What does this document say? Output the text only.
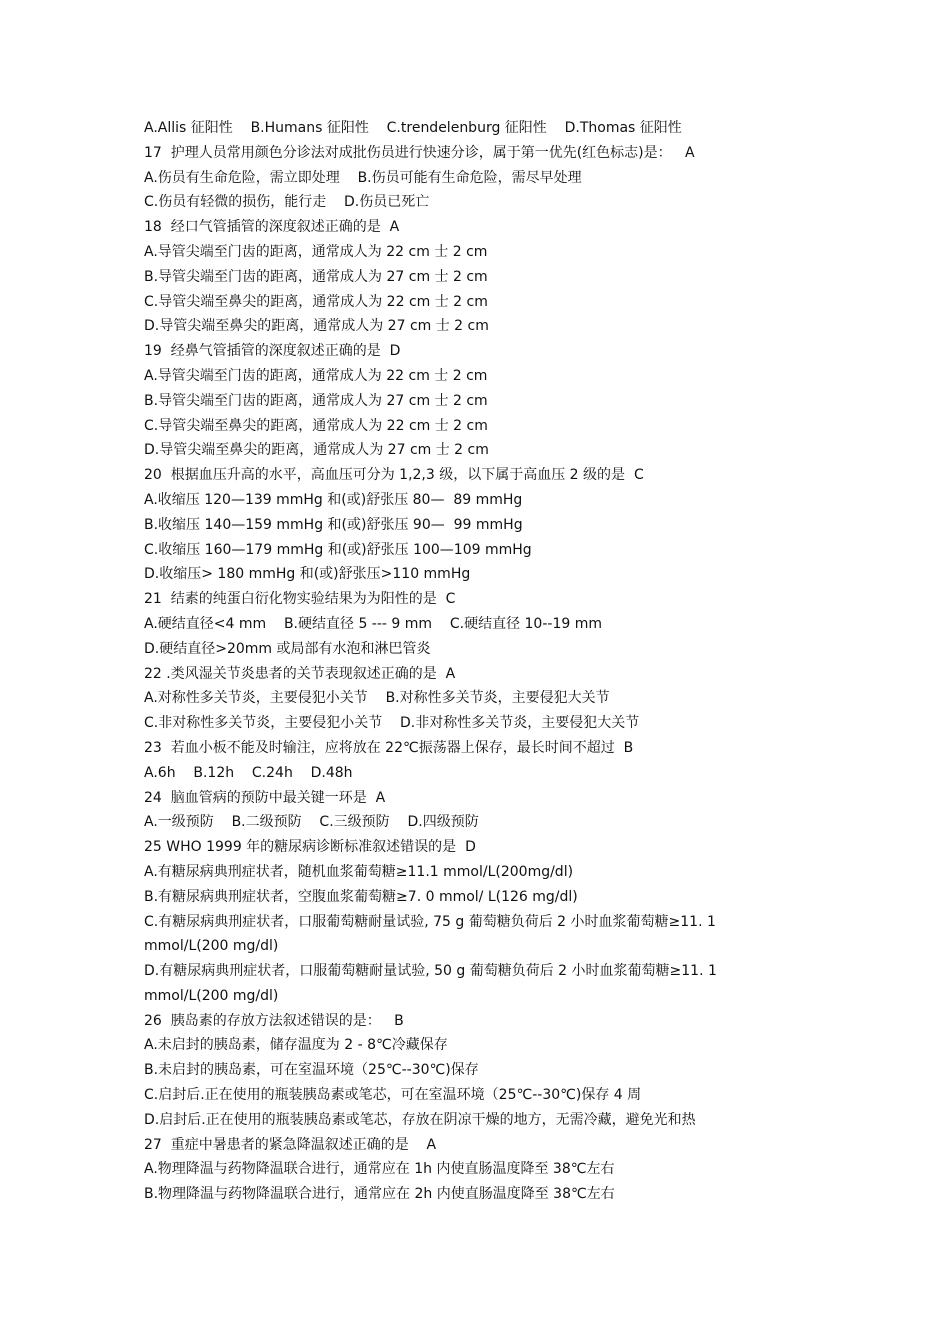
A.Allis 征阳性    B.Humans 征阳性    C.trendelenburg 征阳性    D.Thomas 征阳性
17  护理人员常用颜色分诊法对成批伤员进行快速分诊，属于第一优先(红色标志)是：   A
A.伤员有生命危险，需立即处理    B.伤员可能有生命危险，需尽早处理
C.伤员有轻微的损伤，能行走    D.伤员已死亡
18  经口气管插管的深度叙述正确的是  A
A.导管尖端至门齿的距离，通常成人为 22 cm 士 2 cm
B.导管尖端至门齿的距离，通常成人为 27 cm 士 2 cm
C.导管尖端至鼻尖的距离，通常成人为 22 cm 士 2 cm
D.导管尖端至鼻尖的距离，通常成人为 27 cm 士 2 cm
19  经鼻气管插管的深度叙述正确的是  D
A.导管尖端至门齿的距离，通常成人为 22 cm 士 2 cm
B.导管尖端至门齿的距离，通常成人为 27 cm 士 2 cm
C.导管尖端至鼻尖的距离，通常成人为 22 cm 士 2 cm
D.导管尖端至鼻尖的距离，通常成人为 27 cm 士 2 cm
20  根据血压升高的水平，高血压可分为 1,2,3 级，以下属于高血压 2 级的是  C
A.收缩压 120—139 mmHg 和(或)舒张压 80—  89 mmHg
B.收缩压 140—159 mmHg 和(或)舒张压 90—  99 mmHg
C.收缩压 160—179 mmHg 和(或)舒张压 100—109 mmHg
D.收缩压> 180 mmHg 和(或)舒张压>110 mmHg
21  结素的纯蛋白衍化物实验结果为为阳性的是  C
A.硬结直径<4 mm    B.硬结直径 5 --- 9 mm    C.硬结直径 10--19 mm
D.硬结直径>20mm 或局部有水泡和淋巴管炎
22 .类风湿关节炎患者的关节表现叙述正确的是  A
A.对称性多关节炎，主要侵犯小关节    B.对称性多关节炎，主要侵犯大关节
C.非对称性多关节炎，主要侵犯小关节    D.非对称性多关节炎，主要侵犯大关节
23  若血小板不能及时输注，应将放在 22℃振荡器上保存，最长时间不超过  B
A.6h    B.12h    C.24h    D.48h
24  脑血管病的预防中最关键一环是  A
A.一级预防    B.二级预防    C.三级预防    D.四级预防
25 WHO 1999 年的糖尿病诊断标准叙述错误的是  D
A.有糖尿病典刑症状者，随机血浆葡萄糖≥11.1 mmol/L(200mg/dl)
B.有糖尿病典刑症状者，空腹血浆葡萄糖≥7. 0 mmol/ L(126 mg/dl)
C.有糖尿病典刑症状者，口服葡萄糖耐量试验, 75 g 葡萄糖负荷后 2 小时血浆葡萄糖≥11. 1
mmol/L(200 mg/dl)
D.有糖尿病典刑症状者，口服葡萄糖耐量试验, 50 g 葡萄糖负荷后 2 小时血浆葡萄糖≥11. 1
mmol/L(200 mg/dl)
26  胰岛素的存放方法叙述错误的是：   B
A.未启封的胰岛素，储存温度为 2 - 8℃冷藏保存
B.未启封的胰岛素，可在室温环境（25℃--30℃)保存
C.启封后.正在使用的瓶装胰岛素或笔芯，可在室温环境（25℃--30℃)保存 4 周
D.启封后.正在使用的瓶装胰岛素或笔芯，存放在阴凉干燥的地方，无需冷藏，避免光和热
27  重症中暑患者的紧急降温叙述正确的是    A
A.物理降温与药物降温联合进行，通常应在 1h 内使直肠温度降至 38℃左右
B.物理降温与药物降温联合进行，通常应在 2h 内使直肠温度降至 38℃左右
